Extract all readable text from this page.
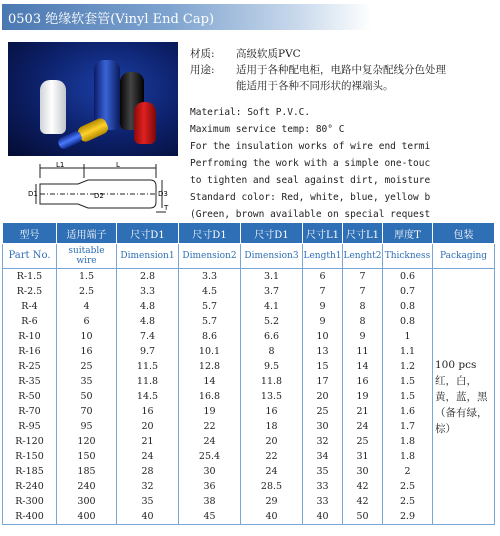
0503 绝缘软套管(Vinyl End Cap)
L1	L
D1	D2	D3
T
材质: 高级软质PVC
用途: 适用于各种配电柜，电路中复杂配线分色处理
能适用于各种不同形状的裸端头。
Material: Soft P.V.C.
Maximum service temp: 80° C
For the insulation works of wire end termi
Perfroming the work with a simple one-touc
to tighten and seal against dirt, moisture
Standard color: Red, white, blue, yellow b
(Green, brown available on special request
型号	适用端子	尺寸D1	尺寸D1	尺寸D1	尺寸L1	尺寸L1	厚度T	包装
Part No.	suitable wire	Dimension1	Dimension2	Dimension3	Length1	Lenght2	Thickness	Packaging
R-1.5	1.5	2.8	3.3	3.1	6	7	0.6	100 pcs 红，白，黄，蓝，黑（备有绿，棕）
R-2.5	2.5	3.3	4.5	3.7	7	7	0.7	
R-4	4	4.8	5.7	4.1	9	8	0.8	
R-6	6	4.8	5.7	5.2	9	8	0.8	
R-10	10	7.4	8.6	6.6	10	9	1	
R-16	16	9.7	10.1	8	13	11	1.1	
R-25	25	11.5	12.8	9.5	15	14	1.2	
R-35	35	11.8	14	11.8	17	16	1.5	
R-50	50	14.5	16.8	13.5	20	19	1.5	
R-70	70	16	19	16	25	21	1.6	
R-95	95	20	22	18	30	24	1.7	
R-120	120	21	24	20	32	25	1.8	
R-150	150	24	25.4	22	34	31	1.8	
R-185	185	28	30	24	35	30	2	
R-240	240	32	36	28.5	33	42	2.5	
R-300	300	35	38	29	33	42	2.5	
R-400	400	40	45	40	40	50	2.9	
